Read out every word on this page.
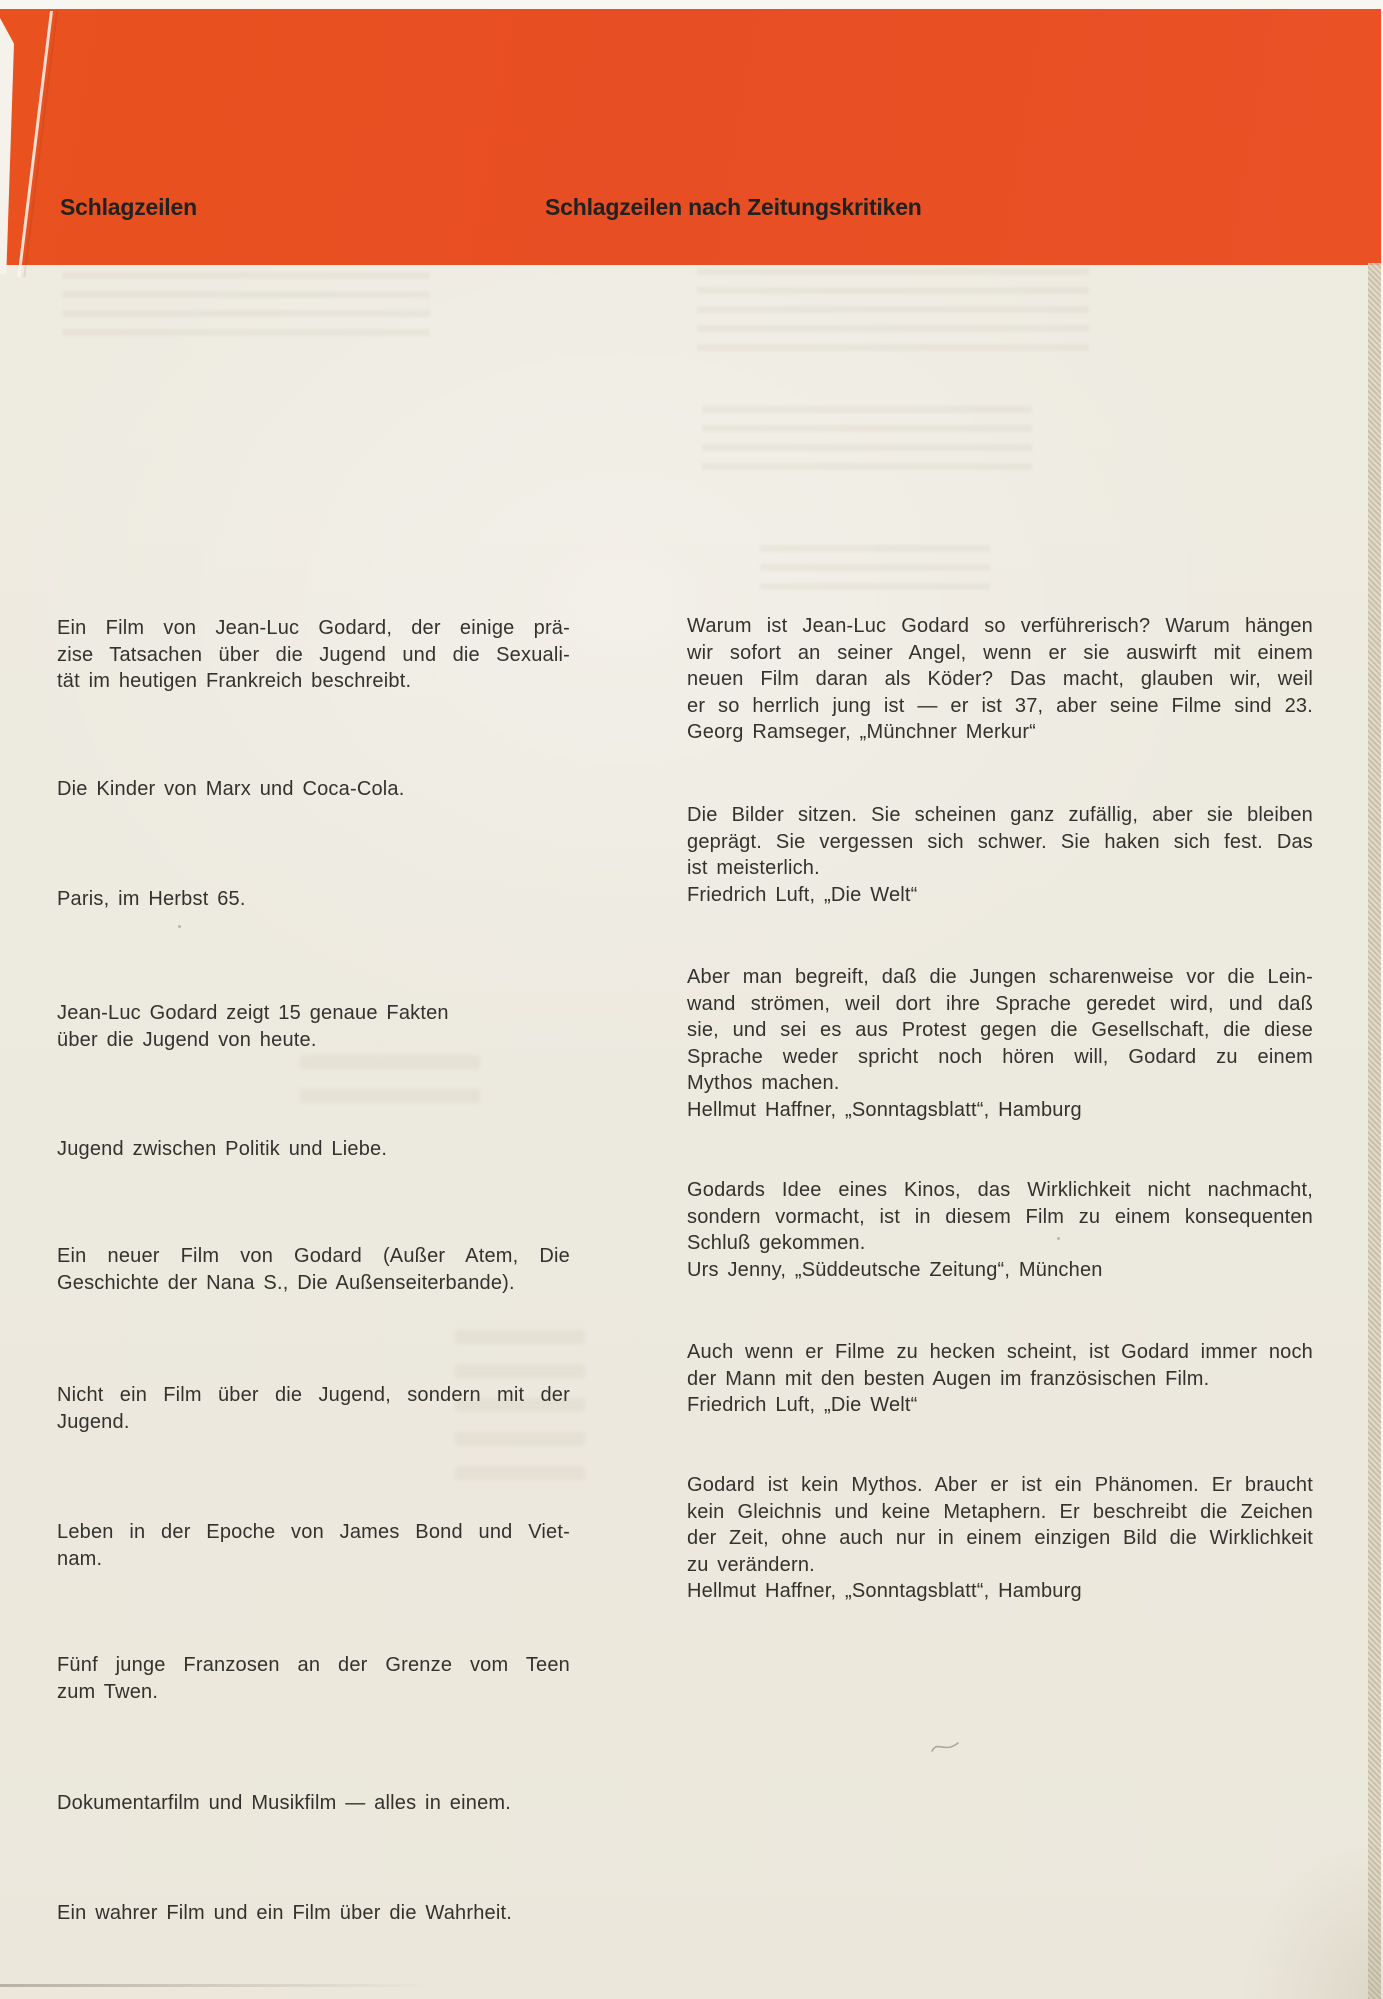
Schlagzeilen	Schlagzeilen nach Zeitungskritiken
Ein Film von Jean-Luc Godard, der einige prä-
zise Tatsachen über die Jugend und die Sexuali-
tät im heutigen Frankreich beschreibt.
Die Kinder von Marx und Coca-Cola.
Paris, im Herbst 65.
Jean-Luc Godard zeigt 15 genaue Fakten
über die Jugend von heute.
Jugend zwischen Politik und Liebe.
Ein neuer Film von Godard (Außer Atem, Die
Geschichte der Nana S., Die Außenseiterbande).
Nicht ein Film über die Jugend, sondern mit der
Jugend.
Leben in der Epoche von James Bond und Viet-
nam.
Fünf junge Franzosen an der Grenze vom Teen
zum Twen.
Dokumentarfilm und Musikfilm — alles in einem.
Ein wahrer Film und ein Film über die Wahrheit.
Warum ist Jean-Luc Godard so verführerisch? Warum hängen
wir sofort an seiner Angel, wenn er sie auswirft mit einem
neuen Film daran als Köder? Das macht, glauben wir, weil
er so herrlich jung ist — er ist 37, aber seine Filme sind 23.
Georg Ramseger, „Münchner Merkur“
Die Bilder sitzen. Sie scheinen ganz zufällig, aber sie bleiben
geprägt. Sie vergessen sich schwer. Sie haken sich fest. Das
ist meisterlich.
Friedrich Luft, „Die Welt“
Aber man begreift, daß die Jungen scharenweise vor die Lein-
wand strömen, weil dort ihre Sprache geredet wird, und daß
sie, und sei es aus Protest gegen die Gesellschaft, die diese
Sprache weder spricht noch hören will, Godard zu einem
Mythos machen.
Hellmut Haffner, „Sonntagsblatt“, Hamburg
Godards Idee eines Kinos, das Wirklichkeit nicht nachmacht,
sondern vormacht, ist in diesem Film zu einem konsequenten
Schluß gekommen.
Urs Jenny, „Süddeutsche Zeitung“, München
Auch wenn er Filme zu hecken scheint, ist Godard immer noch
der Mann mit den besten Augen im französischen Film.
Friedrich Luft, „Die Welt“
Godard ist kein Mythos. Aber er ist ein Phänomen. Er braucht
kein Gleichnis und keine Metaphern. Er beschreibt die Zeichen
der Zeit, ohne auch nur in einem einzigen Bild die Wirklichkeit
zu verändern.
Hellmut Haffner, „Sonntagsblatt“, Hamburg
